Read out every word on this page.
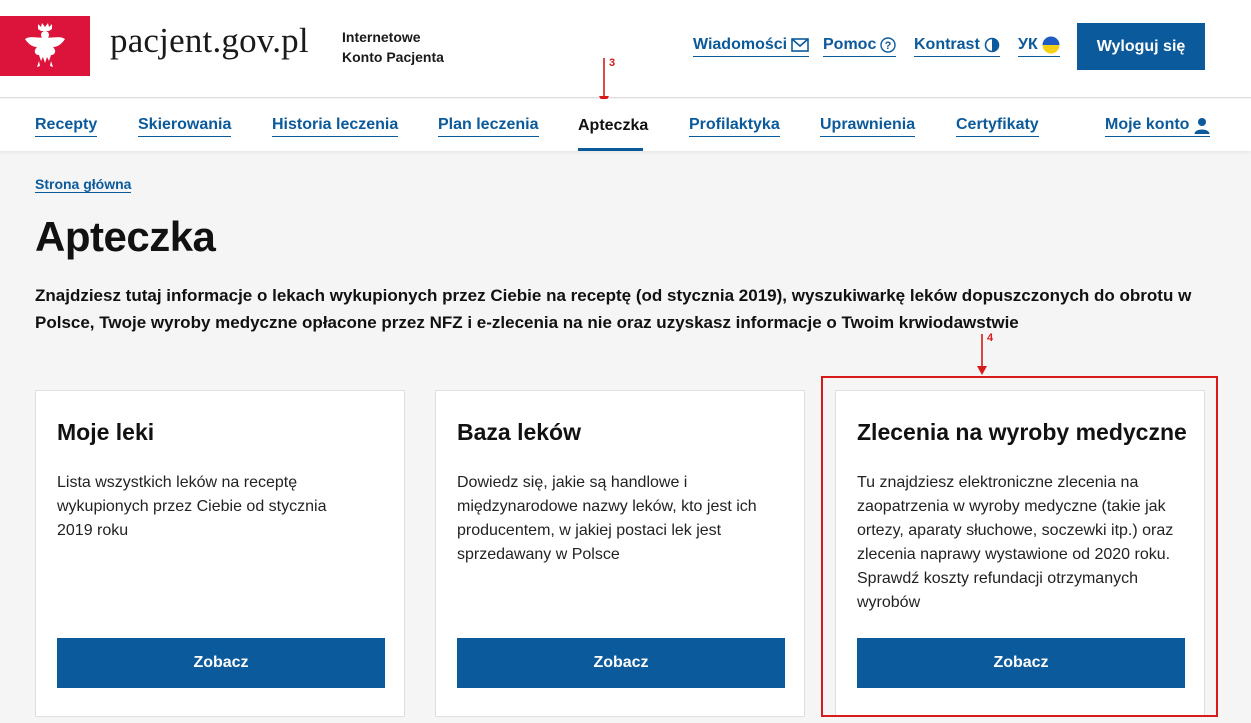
pacjent.gov.pl Internetowe
Konto Pacjenta
Wiadomości Pomoc ? Kontrast УК	Wyloguj się
3
Recepty	Skierowania	Historia leczenia Plan leczenia Apteczka	Profilaktyka	Uprawnienia	Certyfikaty	Moje konto
Strona główna
Apteczka

Znajdziesz tutaj informacje o lekach wykupionych przez Ciebie na receptę (od stycznia 2019), wyszukiwarkę leków dopuszczonych do obrotu w Polsce, Twoje wyroby medyczne opłacone przez NFZ i e-zlecenia na nie oraz uzyskasz informacje o Twoim krwiodawstwie

4
Moje leki
Lista wszystkich leków na receptę wykupionych przez Ciebie od stycznia 2019 roku
Zobacz
Baza leków
Dowiedz się, jakie są handlowe i międzynarodowe nazwy leków, kto jest ich producentem, w jakiej postaci lek jest sprzedawany w Polsce
Zobacz
Zlecenia na wyroby medyczne
Tu znajdziesz elektroniczne zlecenia na zaopatrzenia w wyroby medyczne (takie jak ortezy, aparaty słuchowe, soczewki itp.) oraz zlecenia naprawy wystawione od 2020 roku. Sprawdź koszty refundacji otrzymanych wyrobów
Zobacz
